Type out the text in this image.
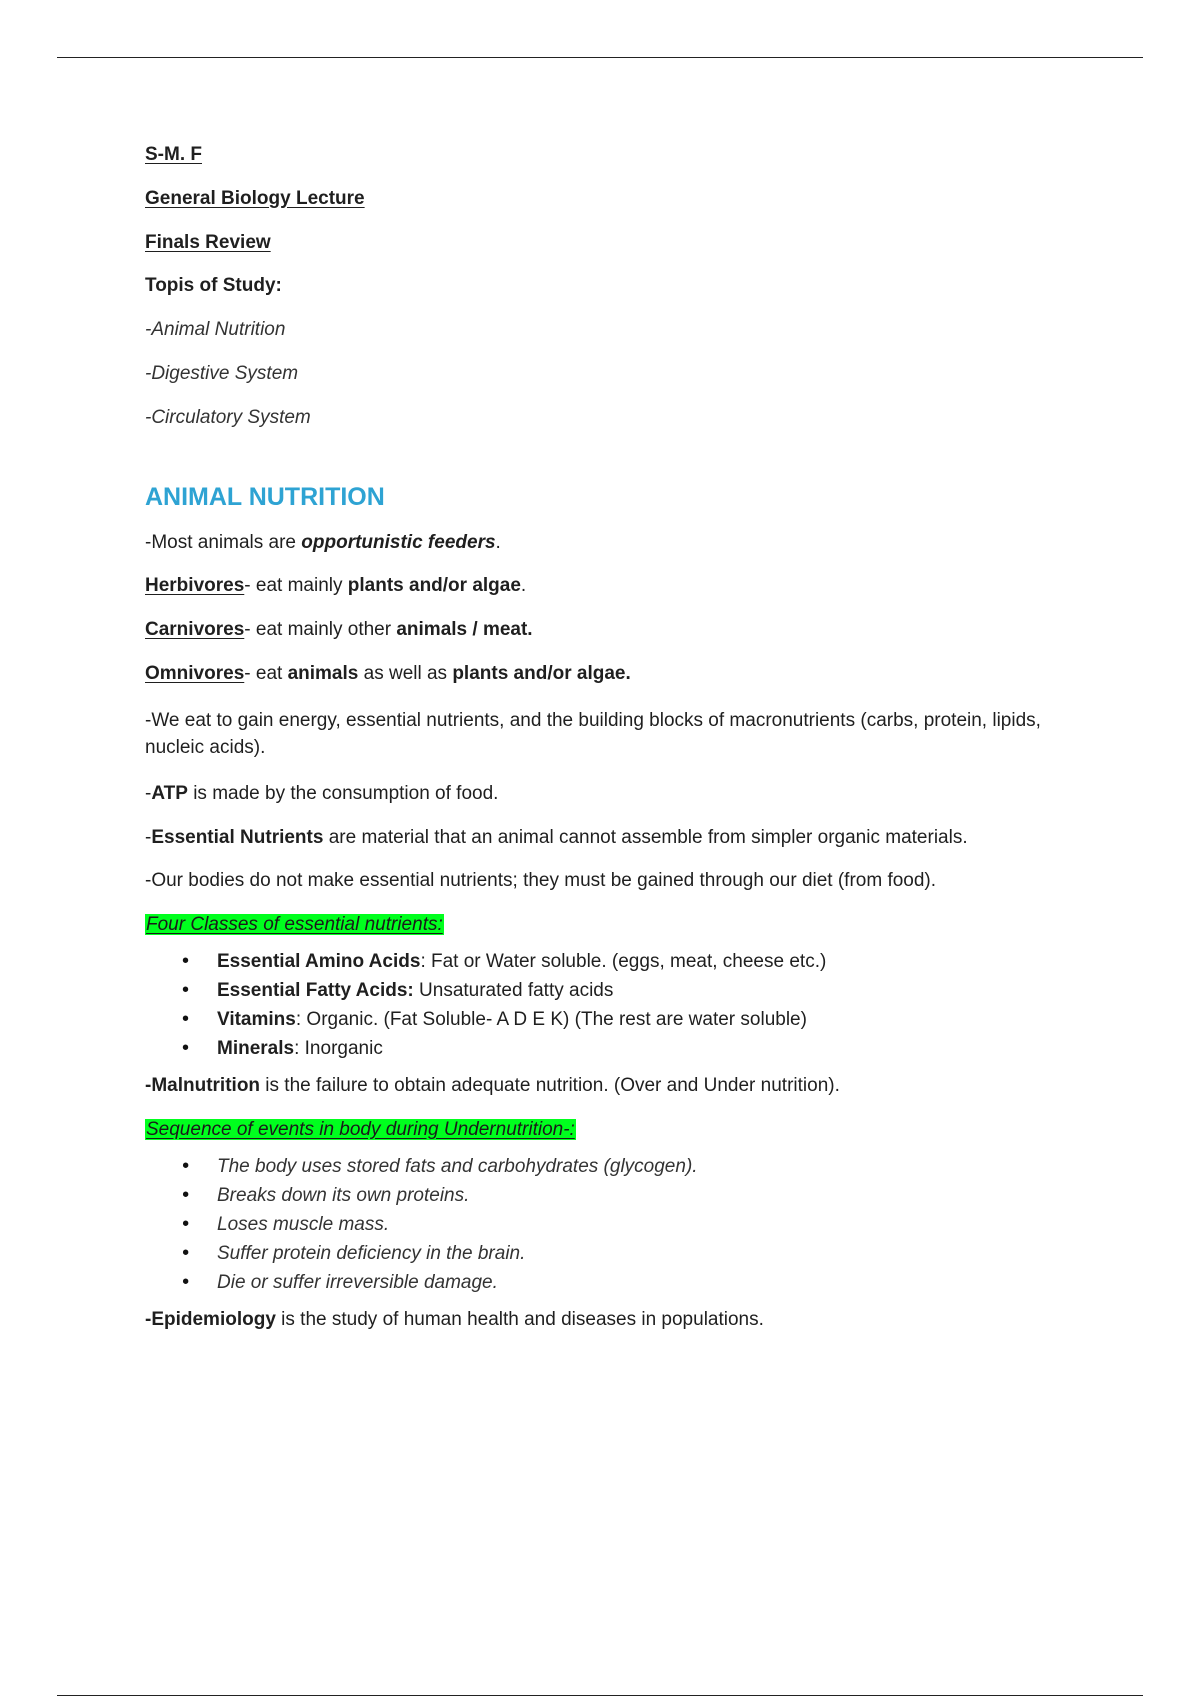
S-M. F

General Biology Lecture

Finals Review

Topis of Study:

-Animal Nutrition

-Digestive System

-Circulatory System

ANIMAL NUTRITION

-Most animals are opportunistic feeders.

Herbivores- eat mainly plants and/or algae.

Carnivores- eat mainly other animals / meat.

Omnivores- eat animals as well as plants and/or algae.

-We eat to gain energy, essential nutrients, and the building blocks of macronutrients (carbs, protein, lipids, nucleic acids).

-ATP is made by the consumption of food.

-Essential Nutrients are material that an animal cannot assemble from simpler organic materials.

-Our bodies do not make essential nutrients; they must be gained through our diet (from food).

Four Classes of essential nutrients:

• Essential Amino Acids: Fat or Water soluble. (eggs, meat, cheese etc.)
• Essential Fatty Acids: Unsaturated fatty acids
• Vitamins: Organic. (Fat Soluble- A D E K) (The rest are water soluble)
• Minerals: Inorganic

-Malnutrition is the failure to obtain adequate nutrition. (Over and Under nutrition).

Sequence of events in body during Undernutrition-:

• The body uses stored fats and carbohydrates (glycogen).
• Breaks down its own proteins.
• Loses muscle mass.
• Suffer protein deficiency in the brain.
• Die or suffer irreversible damage.

-Epidemiology is the study of human health and diseases in populations.
